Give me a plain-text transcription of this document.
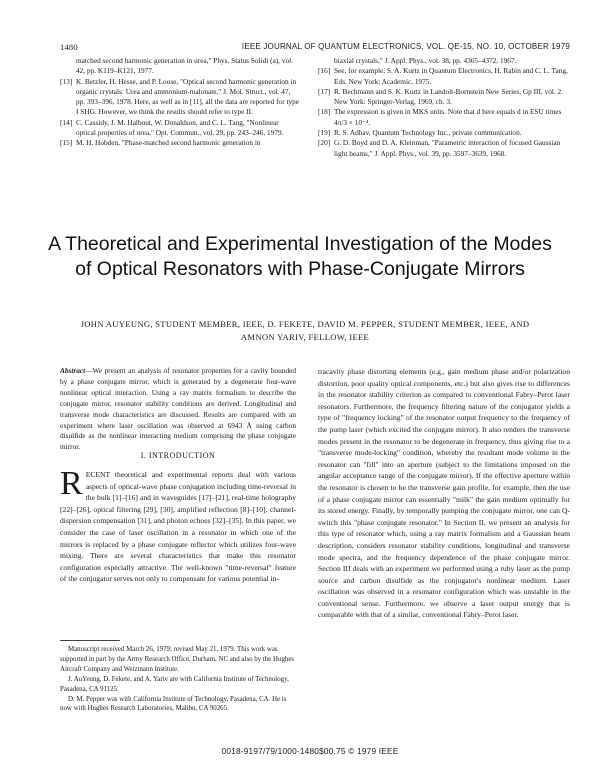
1480	IEEE JOURNAL OF QUANTUM ELECTRONICS, VOL. QE-15, NO. 10, OCTOBER 1979
matched second harmonic generation in urea," Phys. Status Solidi (a), vol. 42, pp. K119–K121, 1977.
[13] K. Betzler, H. Hesse, and P. Loose, "Optical second harmonic generation in organic crystals: Urea and ammonium-malonate," J. Mol. Struct., vol. 47, pp. 393–396, 1978. Here, as well as in [11], all the data are reported for type I SHG. However, we think the results should refer to type II.
[14] C. Cassidy, J. M. Halbout, W. Donaldson, and C. L. Tang, "Nonlinear optical properties of urea," Opt. Commun., vol. 29, pp. 243–246, 1979.
[15] M. H. Hobden, "Phase-matched second harmonic generation in
biaxial crystals," J. Appl. Phys., vol. 38, pp. 4365–4372, 1967.
[16] See, for example, S. A. Kurtz in Quantum Electronics, H. Rabin and C. L. Tang, Eds. New York: Academic, 1975.
[17] R. Bechmann and S. K. Kurtz in Landolt-Bornstein New Series, Gp III, vol. 2. New York: Springer-Verlag, 1969, ch. 3.
[18] The expression is given in MKS units. Note that d here equals d in ESU times 4π/3 × 10⁻⁴.
[19] R. S. Adhav, Quantum Technology Inc., private communication.
[20] G. D. Boyd and D. A. Kleinman, "Parametric interaction of focused Gaussian light beams," J. Appl. Phys., vol. 39, pp. 3597–3639, 1968.
A Theoretical and Experimental Investigation of the Modes of Optical Resonators with Phase-Conjugate Mirrors
JOHN AUYEUNG, STUDENT MEMBER, IEEE, D. FEKETE, DAVID M. PEPPER, STUDENT MEMBER, IEEE, AND
AMNON YARIV, FELLOW, IEEE
Abstract—We present an analysis of resonator properties for a cavity bounded by a phase conjugate mirror, which is generated by a degenerate four-wave nonlinear optical interaction. Using a ray matrix formalism to describe the conjugate mirror, resonator stability conditions are derived. Longitudinal and transverse mode characteristics are discussed. Results are compared with an experiment where laser oscillation was observed at 6943 Å using carbon disulfide as the nonlinear interacting medium comprising the phase conjugate mirror.
I. INTRODUCTION
RECENT theoretical and experimental reports deal with various aspects of optical-wave phase conjugation including time-reversal in the bulk [1]–[16] and in waveguides [17]–[21], real-time holography [22]–[26], optical filtering [29], [30], amplified reflection [8]–[10], channel-dispersion compensation [31], and photon echoes [32]–[35]. In this paper, we consider the case of laser oscillation in a resonator in which one of the mirrors is replaced by a phase conjugate reflector which utilizes four-wave mixing. There are several characteristics that make this resonator configuration especially attractive. The well-known "time-reversal" feature of the conjugator serves not only to compensate for various potential in-

Manuscript received March 26, 1979; revised May 21, 1979. This work was supported in part by the Army Research Office, Durham, NC and also by the Hughes Aircraft Company and Weizmann Institute.

J. AuYeung, D. Fekete, and A. Yariv are with California Institute of Technology, Pasadena, CA 91125.

D. M. Pepper was with California Institute of Technology, Pasadena, CA. He is now with Hughes Research Laboratories, Malibu, CA 90265.

tracavity phase distorting elements (e.g., gain medium phase and/or polarization distortion, poor quality optical components, etc.) but also gives rise to differences in the resonator stability criterion as compared to conventional Fabry–Perot laser resonators. Furthermore, the frequency filtering nature of the conjugator yields a type of "frequency locking" of the resonator output frequency to the frequency of the pump laser (which excited the conjugate mirror). It also renders the transverse modes present in the resonator to be degenerate in frequency, thus giving rise to a "transverse mode-locking" condition, whereby the resultant mode volume in the resonator can "fill" into an aperture (subject to the limitations imposed on the angular acceptance range of the conjugate mirror). If the effective aperture within the resonator is chosen to be the transverse gain profile, for example, then the use of a phase conjugate mirror can essentially "milk" the gain medium optimally for its stored energy. Finally, by temporally pumping the conjugate mirror, one can Q-switch this "phase conjugate resonator." In Section II, we present an analysis for this type of resonator which, using a ray matrix formalism and a Gaussian beam description, considers resonator stability conditions, longitudinal and transverse mode spectra, and the frequency dependence of the phase conjugate mirror. Section III deals with an experiment we performed using a ruby laser as the pump source and carbon disulfide as the conjugator's nonlinear medium. Laser oscillation was observed in a resonator configuration which was unstable in the conventional sense. Furthermore, we observe a laser output energy that is comparable with that of a similar, conventional Fabry–Perot laser.
0018-9197/79/1000-1480$00.75 © 1979 IEEE
